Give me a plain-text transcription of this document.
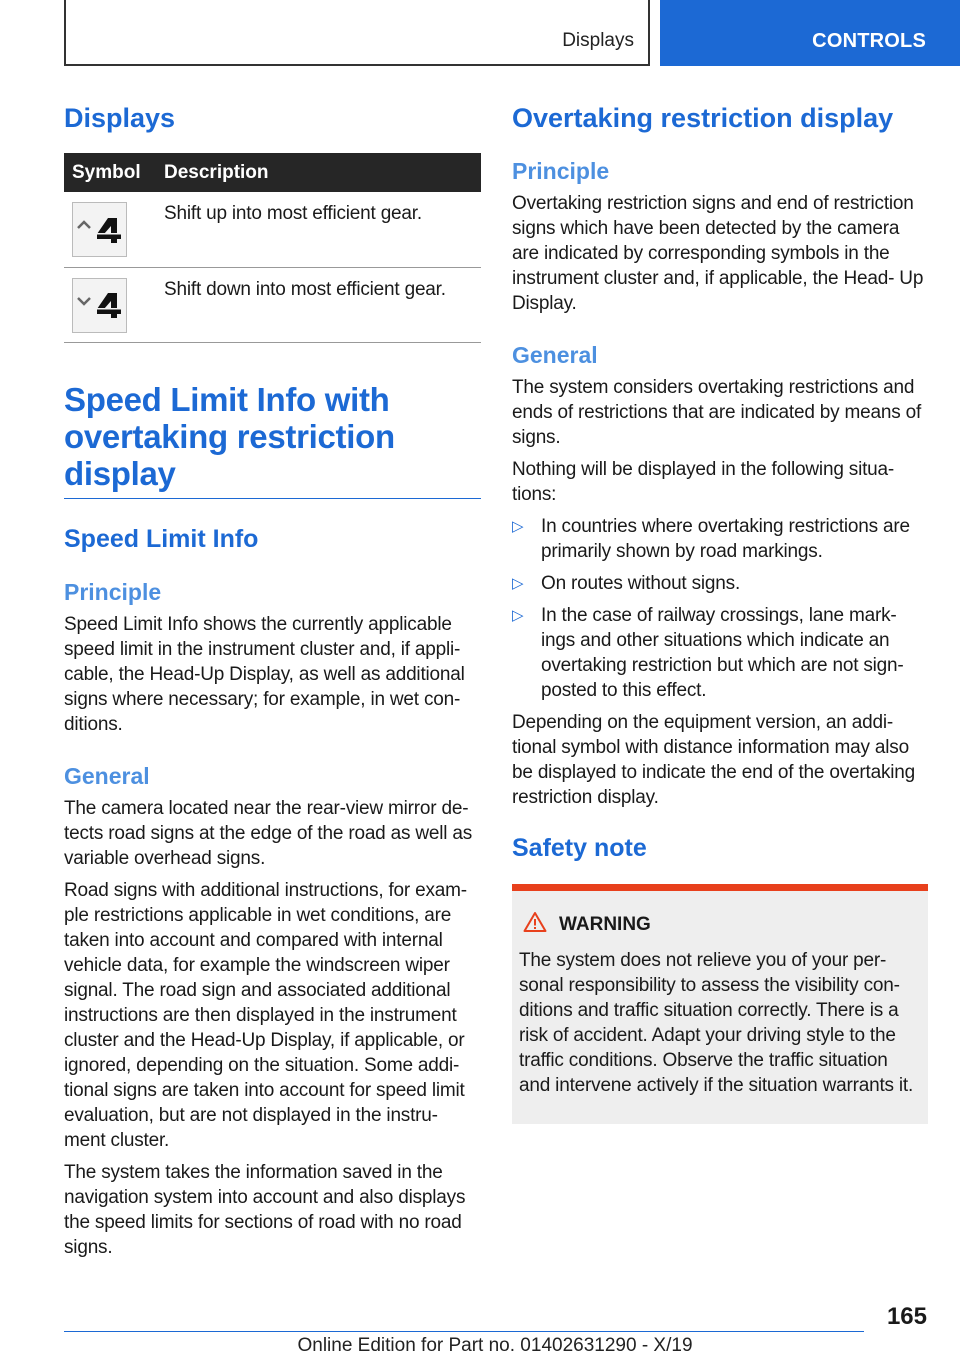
Displays	CONTROLS
Displays
Symbol	Description

	Shift up into most efficient gear.

	Shift down into most efficient gear.
Speed Limit Info with overtaking restriction display
Speed Limit Info
Principle

Speed Limit Info shows the currently applicable speed limit in the instrument cluster and, if appli- cable, the Head-Up Display, as well as additional signs where necessary; for example, in wet con- ditions.

General

The camera located near the rear-view mirror de- tects road signs at the edge of the road as well as variable overhead signs.

Road signs with additional instructions, for exam- ple restrictions applicable in wet conditions, are taken into account and compared with internal vehicle data, for example the windscreen wiper signal. The road sign and associated additional instructions are then displayed in the instrument cluster and the Head-Up Display, if applicable, or ignored, depending on the situation. Some addi- tional signs are taken into account for speed limit evaluation, but are not displayed in the instru- ment cluster.

The system takes the information saved in the navigation system into account and also displays the speed limits for sections of road with no road signs.

Overtaking restriction display
Principle

Overtaking restriction signs and end of restriction signs which have been detected by the camera are indicated by corresponding symbols in the instrument cluster and, if applicable, the Head- Up Display.

General

The system considers overtaking restrictions and ends of restrictions that are indicated by means of signs.

Nothing will be displayed in the following situa- tions:

▷ In countries where overtaking restrictions are primarily shown by road markings.
▷ On routes without signs.
▷ In the case of railway crossings, lane mark- ings and other situations which indicate an overtaking restriction but which are not sign- posted to this effect.

Depending on the equipment version, an addi- tional symbol with distance information may also be displayed to indicate the end of the overtaking restriction display.

Safety note
WARNING

The system does not relieve you of your per- sonal responsibility to assess the visibility con- ditions and traffic situation correctly. There is a risk of accident. Adapt your driving style to the traffic conditions. Observe the traffic situation and intervene actively if the situation warrants it.

165
Online Edition for Part no. 01402631290 - X/19
